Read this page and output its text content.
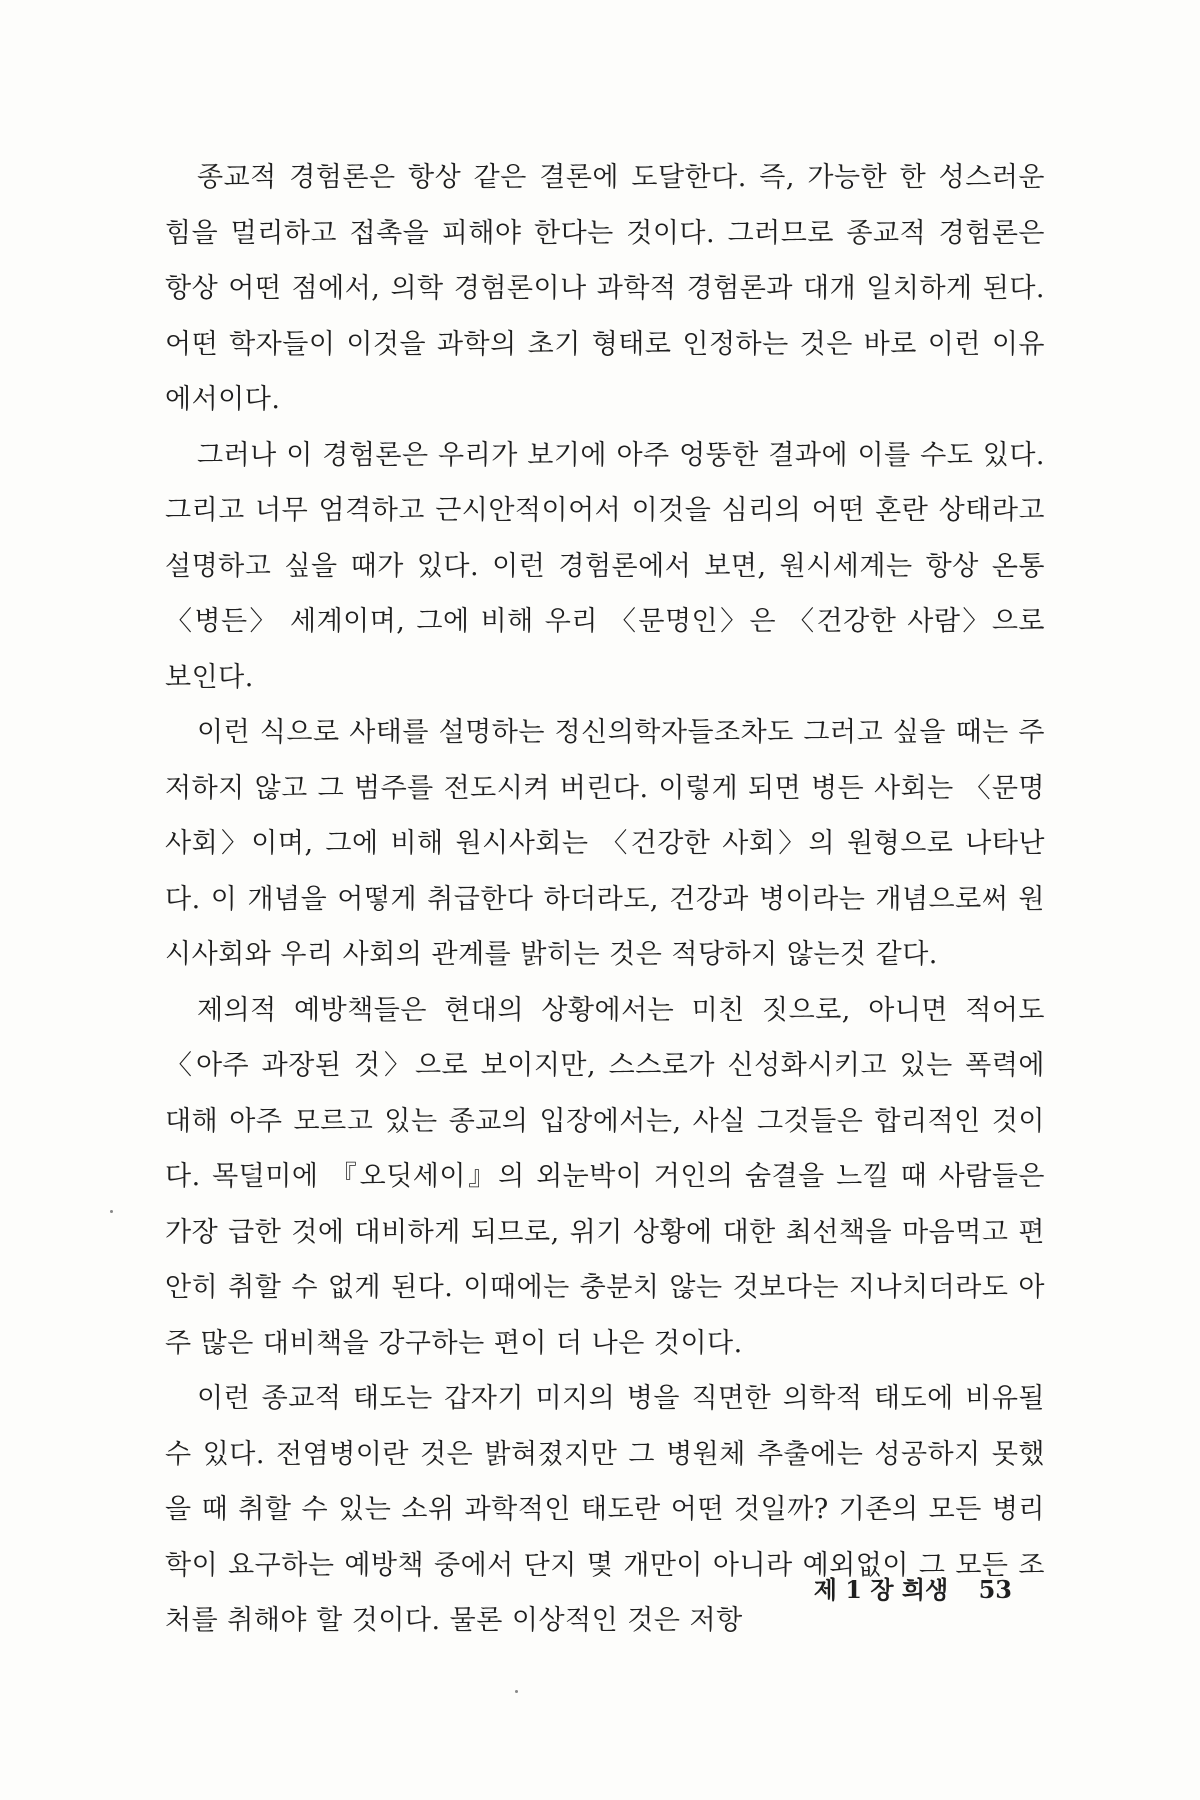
종교적 경험론은 항상 같은 결론에 도달한다. 즉, 가능한 한 성스러운 힘을 멀리하고 접촉을 피해야 한다는 것이다. 그러므로 종교적 경험론은 항상 어떤 점에서, 의학 경험론이나 과학적 경험론과 대개 일치하게 된다. 어떤 학자들이 이것을 과학의 초기 형태로 인정하는 것은 바로 이런 이유에서이다.

그러나 이 경험론은 우리가 보기에 아주 엉뚱한 결과에 이를 수도 있다. 그리고 너무 엄격하고 근시안적이어서 이것을 심리의 어떤 혼란 상태라고 설명하고 싶을 때가 있다. 이런 경험론에서 보면, 원시세계는 항상 온통 〈병든〉 세계이며, 그에 비해 우리 〈문명인〉은 〈건강한 사람〉으로 보인다.

이런 식으로 사태를 설명하는 정신의학자들조차도 그러고 싶을 때는 주저하지 않고 그 범주를 전도시켜 버린다. 이렇게 되면 병든 사회는 〈문명사회〉이며, 그에 비해 원시사회는 〈건강한 사회〉의 원형으로 나타난다. 이 개념을 어떻게 취급한다 하더라도, 건강과 병이라는 개념으로써 원시사회와 우리 사회의 관계를 밝히는 것은 적당하지 않는것 같다.

제의적 예방책들은 현대의 상황에서는 미친 짓으로, 아니면 적어도 〈아주 과장된 것〉으로 보이지만, 스스로가 신성화시키고 있는 폭력에 대해 아주 모르고 있는 종교의 입장에서는, 사실 그것들은 합리적인 것이다. 목덜미에 『오딧세이』의 외눈박이 거인의 숨결을 느낄 때 사람들은 가장 급한 것에 대비하게 되므로, 위기 상황에 대한 최선책을 마음먹고 편안히 취할 수 없게 된다. 이때에는 충분치 않는 것보다는 지나치더라도 아주 많은 대비책을 강구하는 편이 더 나은 것이다.

이런 종교적 태도는 갑자기 미지의 병을 직면한 의학적 태도에 비유될 수 있다. 전염병이란 것은 밝혀졌지만 그 병원체 추출에는 성공하지 못했을 때 취할 수 있는 소위 과학적인 태도란 어떤 것일까? 기존의 모든 병리학이 요구하는 예방책 중에서 단지 몇 개만이 아니라 예외없이 그 모든 조처를 취해야 할 것이다. 물론 이상적인 것은 저항

제 1 장 희생 53
